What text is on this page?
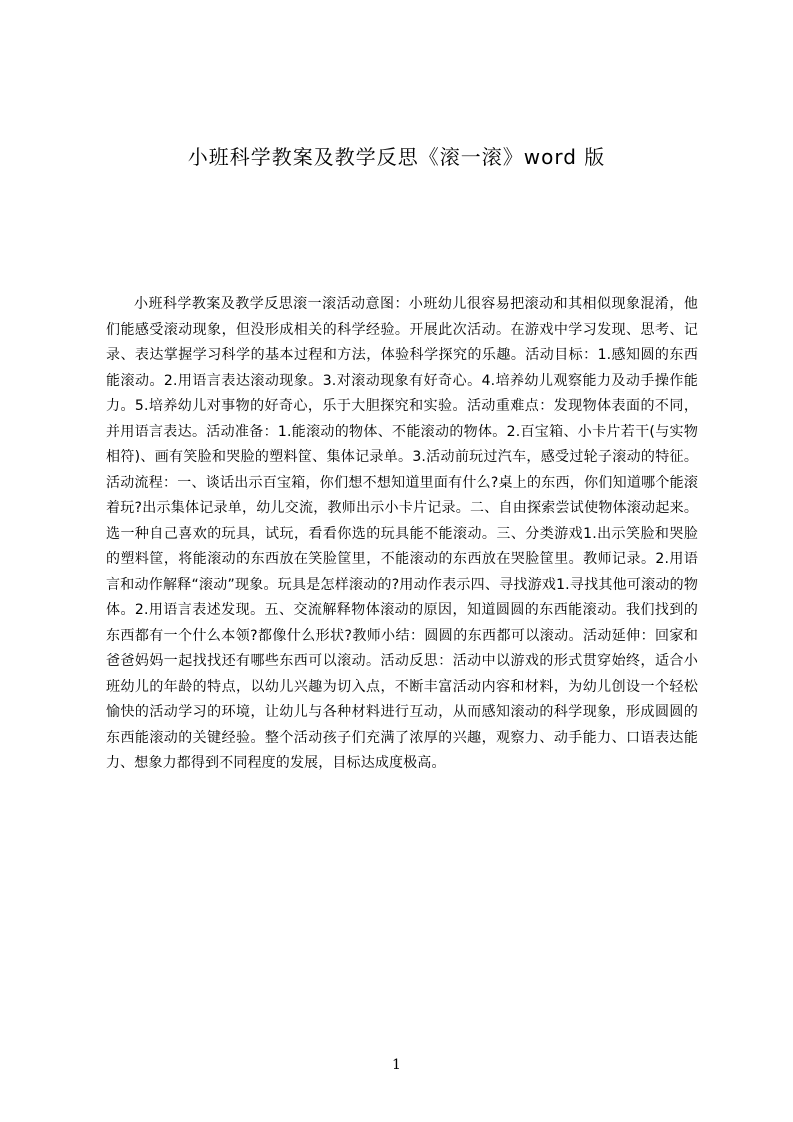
小班科学教案及教学反思《滚一滚》word 版

小班科学教案及教学反思滚一滚活动意图：小班幼儿很容易把滚动和其相似现象混淆，他们能感受滚动现象，但没形成相关的科学经验。开展此次活动。在游戏中学习发现、思考、记录、表达掌握学习科学的基本过程和方法，体验科学探究的乐趣。活动目标：1.感知圆的东西能滚动。2.用语言表达滚动现象。3.对滚动现象有好奇心。4.培养幼儿观察能力及动手操作能力。5.培养幼儿对事物的好奇心，乐于大胆探究和实验。活动重难点：发现物体表面的不同，并用语言表达。活动准备：1.能滚动的物体、不能滚动的物体。2.百宝箱、小卡片若干(与实物相符)、画有笑脸和哭脸的塑料筐、集体记录单。3.活动前玩过汽车，感受过轮子滚动的特征。活动流程：一、谈话出示百宝箱，你们想不想知道里面有什么?桌上的东西，你们知道哪个能滚着玩?出示集体记录单，幼儿交流，教师出示小卡片记录。二、自由探索尝试使物体滚动起来。选一种自己喜欢的玩具，试玩，看看你选的玩具能不能滚动。三、分类游戏1.出示笑脸和哭脸的塑料筐，将能滚动的东西放在笑脸筐里，不能滚动的东西放在哭脸筐里。教师记录。2.用语言和动作解释“滚动”现象。玩具是怎样滚动的?用动作表示四、寻找游戏1.寻找其他可滚动的物体。2.用语言表述发现。五、交流解释物体滚动的原因，知道圆圆的东西能滚动。我们找到的东西都有一个什么本领?都像什么形状?教师小结：圆圆的东西都可以滚动。活动延伸：回家和爸爸妈妈一起找找还有哪些东西可以滚动。活动反思：活动中以游戏的形式贯穿始终，适合小班幼儿的年龄的特点，以幼儿兴趣为切入点，不断丰富活动内容和材料，为幼儿创设一个轻松愉快的活动学习的环境，让幼儿与各种材料进行互动，从而感知滚动的科学现象，形成圆圆的东西能滚动的关键经验。整个活动孩子们充满了浓厚的兴趣，观察力、动手能力、口语表达能力、想象力都得到不同程度的发展，目标达成度极高。

1
